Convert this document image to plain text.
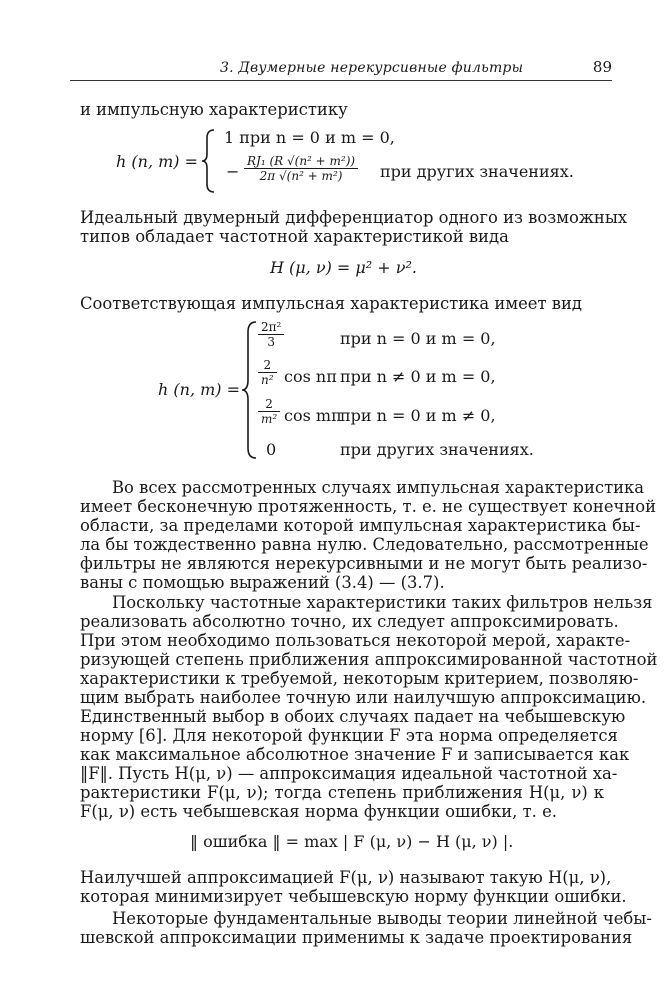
3. Двумерные нерекурсивные фильтры	89
и импульсную характеристику
h (n, m) =
1 при n = 0 и m = 0,
− $\frac{\text{RJ₁ (R √(n² + m²))}}{\text{2π √(n² + m²)}}$ при других значениях.
Идеальный двумерный дифференциатор одного из возможных
типов обладает частотной характеристикой вида
H (μ, ν) = μ² + ν².
Соответствующая импульсная характеристика имеет вид
h (n, m) =
$\frac{\text{2π²}}{3}$	при n = 0 и m = 0,
$\frac{2}{\text{n²}}$ cos nπ при n ≠ 0 и m = 0,
$\frac{2}{\text{m²}}$ cos mπ
при n = 0 и m ≠ 0,
0	при других значениях.
Во всех рассмотренных случаях импульсная характеристика
имеет бесконечную протяженность, т. е. не существует конечной
области, за пределами которой импульсная характеристика бы-
ла бы тождественно равна нулю. Следовательно, рассмотренные
фильтры не являются нерекурсивными и не могут быть реализо-
ваны с помощью выражений (3.4) — (3.7).
Поскольку частотные характеристики таких фильтров нельзя
реализовать абсолютно точно, их следует аппроксимировать.
При этом необходимо пользоваться некоторой мерой, характе-
ризующей степень приближения аппроксимированной частотной
характеристики к требуемой, некоторым критерием, позволяю-
щим выбрать наиболее точную или наилучшую аппроксимацию.
Единственный выбор в обоих случаях падает на чебышевскую
норму [6]. Для некоторой функции F эта норма определяется
как максимальное абсолютное значение F и записывается как
‖F‖. Пусть H(μ, ν) — аппроксимация идеальной частотной ха-
рактеристики F(μ, ν); тогда степень приближения H(μ, ν) к
F(μ, ν) есть чебышевская норма функции ошибки, т. е.
‖ ошибка ‖ = max | F (μ, ν) − H (μ, ν) |.
Наилучшей аппроксимацией F(μ, ν) называют такую H(μ, ν),
которая минимизирует чебышевскую норму функции ошибки.
Некоторые фундаментальные выводы теории линейной чебы-
шевской аппроксимации применимы к задаче проектирования
